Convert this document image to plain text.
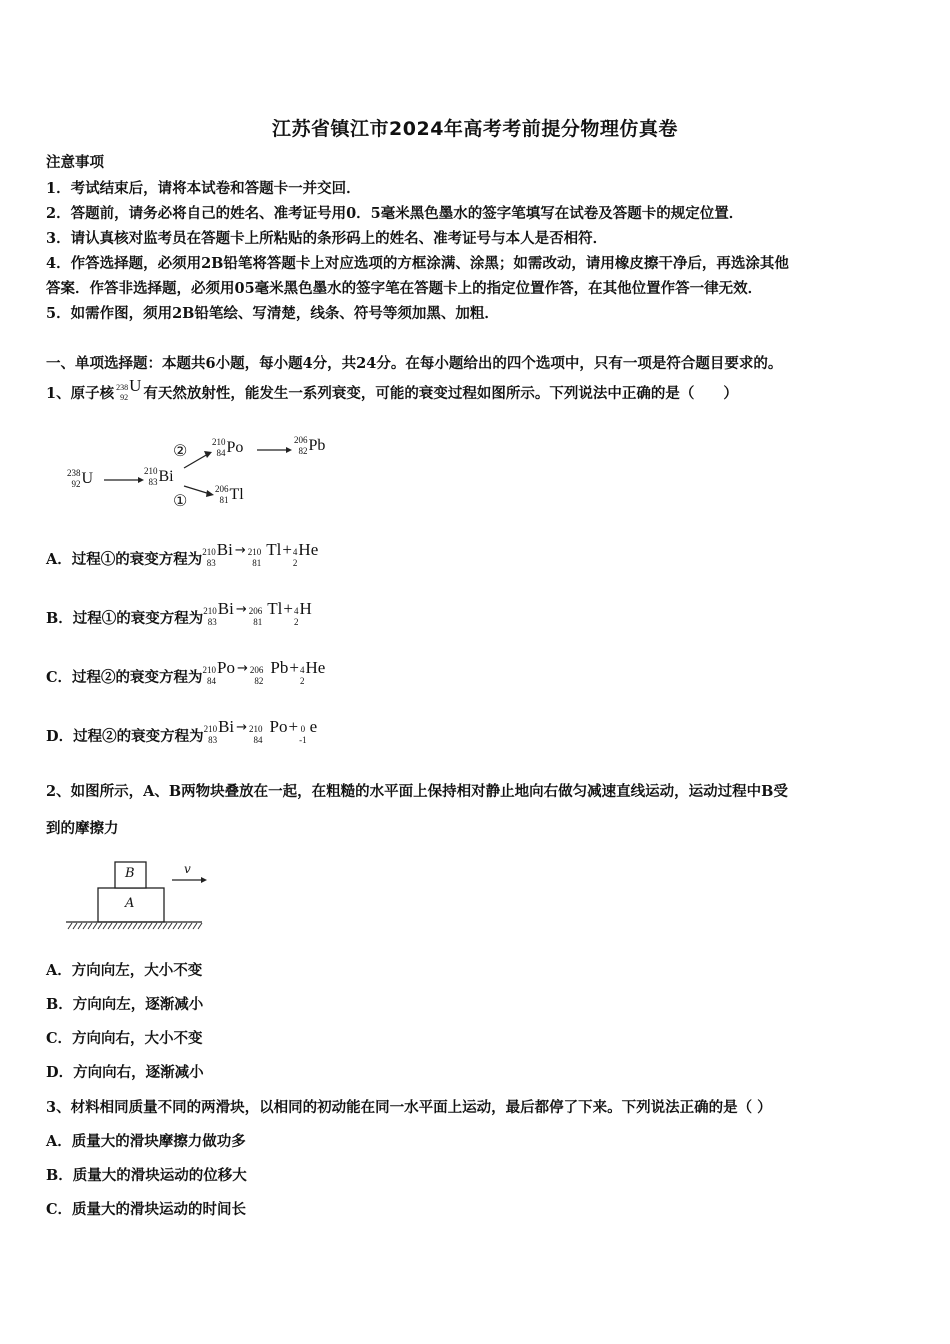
江苏省镇江市2024年高考考前提分物理仿真卷
注意事项
1．考试结束后，请将本试卷和答题卡一并交回．
2．答题前，请务必将自己的姓名、准考证号用0．5毫米黑色墨水的签字笔填写在试卷及答题卡的规定位置．
3．请认真核对监考员在答题卡上所粘贴的条形码上的姓名、准考证号与本人是否相符．
4．作答选择题，必须用2B铅笔将答题卡上对应选项的方框涂满、涂黑；如需改动，请用橡皮擦干净后，再选涂其他
答案．作答非选择题，必须用05毫米黑色墨水的签字笔在答题卡上的指定位置作答，在其他位置作答一律无效．
5．如需作图，须用2B铅笔绘、写清楚，线条、符号等须加黑、加粗．
一、单项选择题：本题共6小题，每小题4分，共24分。在每小题给出的四个选项中，只有一项是符合题目要求的。
1、原子核 238
92
U 有天然放射性，能发生一系列衰变，可能的衰变过程如图所示。下列说法中正确的是（　　）
238
92 U	210
83 Bi
210
84 Po	206
82 Pb
206
81 Tl
②
①
A．过程①的衰变方程为 210
83
Bi → 210
81
Tl + 4
2
He
B．过程①的衰变方程为 210
83
Bi → 206
81
Tl + 4
2
H
C．过程②的衰变方程为 210
84
Po → 206
82
Pb + 4
2
He
D．过程②的衰变方程为 210
83
Bi → 210
84
Po + 0
-1
e
2、如图所示，A、B两物块叠放在一起，在粗糙的水平面上保持相对静止地向右做匀减速直线运动，运动过程中B受
到的摩擦力
B
A
v
A．方向向左，大小不变
B．方向向左，逐渐减小
C．方向向右，大小不变
D．方向向右，逐渐减小
3、材料相同质量不同的两滑块，以相同的初动能在同一水平面上运动，最后都停了下来。下列说法正确的是（ ）
A．质量大的滑块摩擦力做功多
B．质量大的滑块运动的位移大
C．质量大的滑块运动的时间长
